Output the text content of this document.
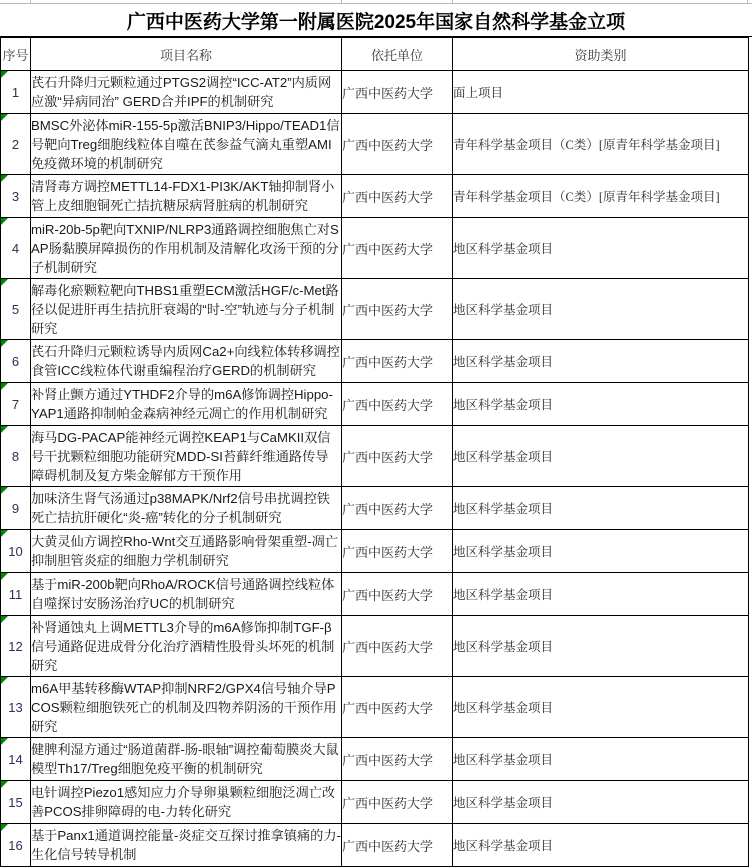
广西中医药大学第一附属医院2025年国家自然科学基金立项
序号	项目名称	依托单位	资助类别
1	芪石升降归元颗粒通过PTGS2调控“ICC-AT2”内质网应激“异病同治” GERD合并IPF的机制研究	广西中医药大学	面上项目
2	BMSC外泌体miR-155-5p激活BNIP3/Hippo/TEAD1信号靶向Treg细胞线粒体自噬在芪参益气滴丸重塑AMI免疫微环境的机制研究	广西中医药大学	青年科学基金项目（C类）[原青年科学基金项目]
3	清肾毒方调控METTL14-FDX1-PI3K/AKT轴抑制肾小管上皮细胞铜死亡拮抗糖尿病肾脏病的机制研究	广西中医药大学	青年科学基金项目（C类）[原青年科学基金项目]
4	miR-20b-5p靶向TXNIP/NLRP3通路调控细胞焦亡对SAP肠黏膜屏障损伤的作用机制及清解化攻汤干预的分子机制研究	广西中医药大学	地区科学基金项目
5	解毒化瘀颗粒靶向THBS1重塑ECM激活HGF/c-Met路径以促进肝再生拮抗肝衰竭的“时-空”轨迹与分子机制研究	广西中医药大学	地区科学基金项目
6	芪石升降归元颗粒诱导内质网Ca2+向线粒体转移调控食管ICC线粒体代谢重编程治疗GERD的机制研究	广西中医药大学	地区科学基金项目
7	补肾止颤方通过YTHDF2介导的m6A修饰调控Hippo-YAP1通路抑制帕金森病神经元凋亡的作用机制研究	广西中医药大学	地区科学基金项目
8	海马DG-PACAP能神经元调控KEAP1与CaMKII双信号干扰颗粒细胞功能研究MDD-SI苔藓纤维通路传导障碍机制及复方柴金解郁方干预作用	广西中医药大学	地区科学基金项目
9	加味济生肾气汤通过p38MAPK/Nrf2信号串扰调控铁死亡拮抗肝硬化“炎-癌”转化的分子机制研究	广西中医药大学	地区科学基金项目
10	大黄灵仙方调控Rho-Wnt交互通路影响骨架重塑-凋亡抑制胆管炎症的细胞力学机制研究	广西中医药大学	地区科学基金项目
11	基于miR-200b靶向RhoA/ROCK信号通路调控线粒体自噬探讨安肠汤治疗UC的机制研究	广西中医药大学	地区科学基金项目
12	补肾通蚀丸上调METTL3介导的m6A修饰抑制TGF-β信号通路促进成骨分化治疗酒精性股骨头坏死的机制研究	广西中医药大学	地区科学基金项目
13	m6A甲基转移酶WTAP抑制NRF2/GPX4信号轴介导PCOS颗粒细胞铁死亡的机制及四物养阴汤的干预作用研究	广西中医药大学	地区科学基金项目
14	健脾利湿方通过“肠道菌群-肠-眼轴”调控葡萄膜炎大鼠模型Th17/Treg细胞免疫平衡的机制研究	广西中医药大学	地区科学基金项目
15	电针调控Piezo1感知应力介导卵巢颗粒细胞泛凋亡改善PCOS排卵障碍的电-力转化研究	广西中医药大学	地区科学基金项目
16	基于Panx1通道调控能量-炎症交互探讨推拿镇痛的力-生化信号转导机制	广西中医药大学	地区科学基金项目
